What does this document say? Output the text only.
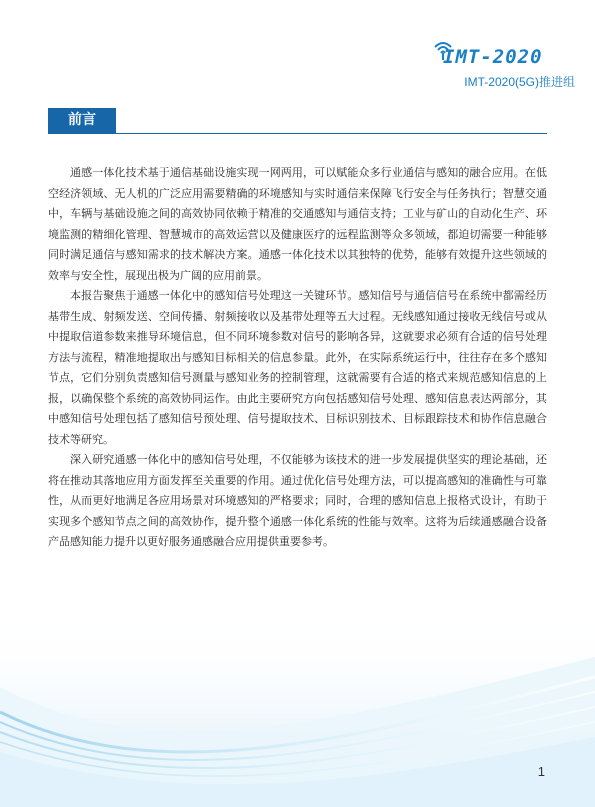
IMT-2020
IMT-2020(5G)推进组
前言

通感一体化技术基于通信基础设施实现一网两用，可以赋能众多行业通信与感知的融合应用。在低空经济领域、无人机的广泛应用需要精确的环境感知与实时通信来保障飞行安全与任务执行；智慧交通中，车辆与基础设施之间的高效协同依赖于精准的交通感知与通信支持；工业与矿山的自动化生产、环境监测的精细化管理、智慧城市的高效运营以及健康医疗的远程监测等众多领域，都迫切需要一种能够同时满足通信与感知需求的技术解决方案。通感一体化技术以其独特的优势，能够有效提升这些领域的效率与安全性，展现出极为广阔的应用前景。

本报告聚焦于通感一体化中的感知信号处理这一关键环节。感知信号与通信信号在系统中都需经历基带生成、射频发送、空间传播、射频接收以及基带处理等五大过程。无线感知通过接收无线信号或从中提取信道参数来推导环境信息，但不同环境参数对信号的影响各异，这就要求必须有合适的信号处理方法与流程，精准地提取出与感知目标相关的信息参量。此外，在实际系统运行中，往往存在多个感知节点，它们分别负责感知信号测量与感知业务的控制管理，这就需要有合适的格式来规范感知信息的上报，以确保整个系统的高效协同运作。由此主要研究方向包括感知信号处理、感知信息表达两部分，其中感知信号处理包括了感知信号预处理、信号提取技术、目标识别技术、目标跟踪技术和协作信息融合技术等研究。

深入研究通感一体化中的感知信号处理，不仅能够为该技术的进一步发展提供坚实的理论基础，还将在推动其落地应用方面发挥至关重要的作用。通过优化信号处理方法，可以提高感知的准确性与可靠性，从而更好地满足各应用场景对环境感知的严格要求；同时，合理的感知信息上报格式设计，有助于实现多个感知节点之间的高效协作，提升整个通感一体化系统的性能与效率。这将为后续通感融合设备产品感知能力提升以更好服务通感融合应用提供重要参考。

1
